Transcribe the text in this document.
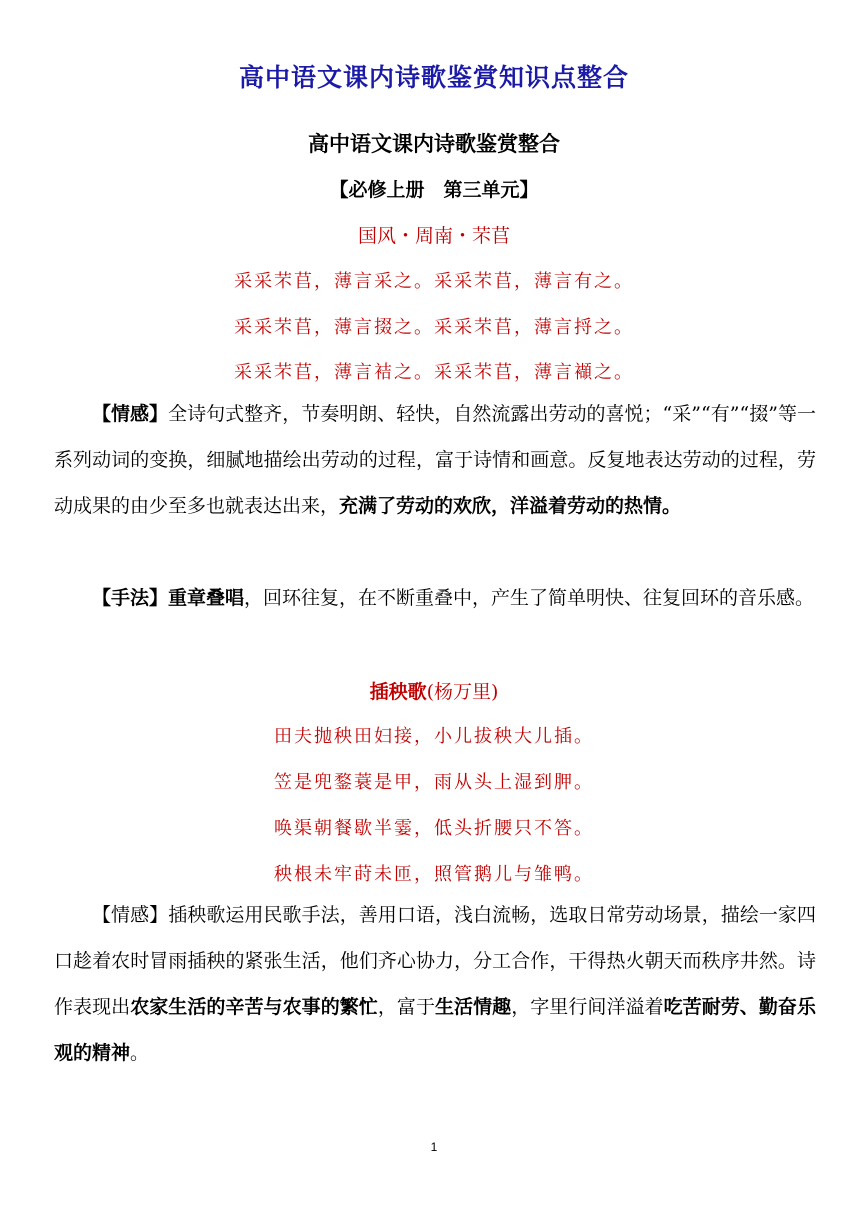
高中语文课内诗歌鉴赏知识点整合
高中语文课内诗歌鉴赏整合
【必修上册　第三单元】
国风・周南・芣苢
采采芣苢，薄言采之。采采芣苢，薄言有之。
采采芣苢，薄言掇之。采采芣苢，薄言捋之。
采采芣苢，薄言袺之。采采芣苢，薄言襭之。
【情感】全诗句式整齐，节奏明朗、轻快，自然流露出劳动的喜悦；“采”“有”“掇”等一系列动词的变换，细腻地描绘出劳动的过程，富于诗情和画意。反复地表达劳动的过程，劳动成果的由少至多也就表达出来，充满了劳动的欢欣，洋溢着劳动的热情。
【手法】重章叠唱，回环往复，在不断重叠中，产生了简单明快、往复回环的音乐感。
插秧歌(杨万里)
田夫抛秧田妇接，小儿拔秧大儿插。
笠是兜鍪蓑是甲，雨从头上湿到胛。
唤渠朝餐歇半霎，低头折腰只不答。
秧根未牢莳未匝，照管鹅儿与雏鸭。
【情感】插秧歌运用民歌手法，善用口语，浅白流畅，选取日常劳动场景，描绘一家四口趁着农时冒雨插秧的紧张生活，他们齐心协力，分工合作，干得热火朝天而秩序井然。诗作表现出农家生活的辛苦与农事的繁忙，富于生活情趣，字里行间洋溢着吃苦耐劳、勤奋乐观的精神。
1
